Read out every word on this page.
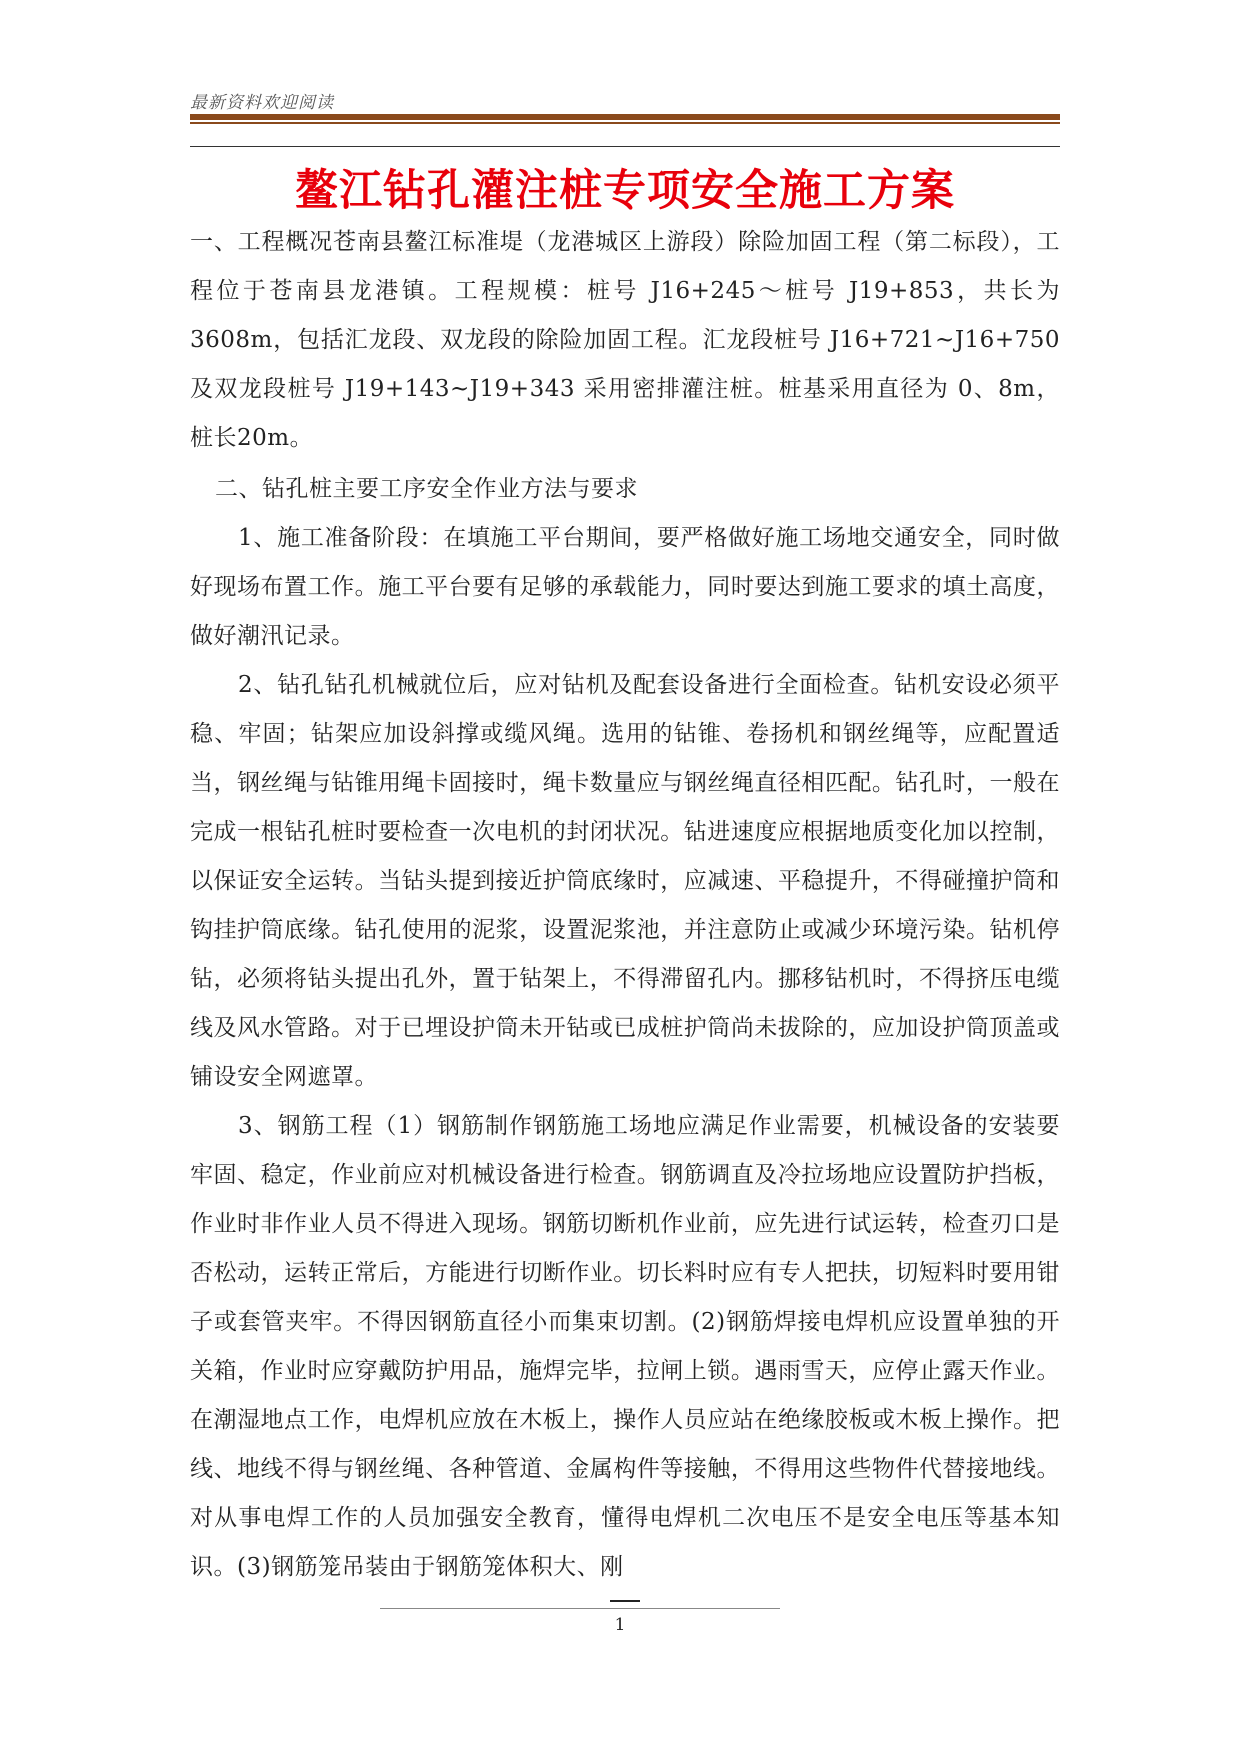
最新资料欢迎阅读
鳌江钻孔灌注桩专项安全施工方案

一、工程概况苍南县鳌江标准堤（龙港城区上游段）除险加固工程（第二标段），工程位于苍南县龙港镇。工程规模：桩号 J16+245～桩号 J19+853，共长为3608m，包括汇龙段、双龙段的除险加固工程。汇龙段桩号 J16+721~J16+750 及双龙段桩号 J19+143~J19+343 采用密排灌注桩。桩基采用直径为 0、8m，桩长20m。

二、钻孔桩主要工序安全作业方法与要求

1、施工准备阶段：在填施工平台期间，要严格做好施工场地交通安全，同时做好现场布置工作。施工平台要有足够的承载能力，同时要达到施工要求的填土高度，做好潮汛记录。

2、钻孔钻孔机械就位后，应对钻机及配套设备进行全面检查。钻机安设必须平稳、牢固；钻架应加设斜撑或缆风绳。选用的钻锥、卷扬机和钢丝绳等，应配置适当，钢丝绳与钻锥用绳卡固接时，绳卡数量应与钢丝绳直径相匹配。钻孔时，一般在完成一根钻孔桩时要检查一次电机的封闭状况。钻进速度应根据地质变化加以控制，以保证安全运转。当钻头提到接近护筒底缘时，应减速、平稳提升，不得碰撞护筒和钩挂护筒底缘。钻孔使用的泥浆，设置泥浆池，并注意防止或减少环境污染。钻机停钻，必须将钻头提出孔外，置于钻架上，不得滞留孔内。挪移钻机时，不得挤压电缆线及风水管路。对于已埋设护筒未开钻或已成桩护筒尚未拔除的，应加设护筒顶盖或铺设安全网遮罩。

3、钢筋工程（1）钢筋制作钢筋施工场地应满足作业需要，机械设备的安装要牢固、稳定，作业前应对机械设备进行检查。钢筋调直及冷拉场地应设置防护挡板，作业时非作业人员不得进入现场。钢筋切断机作业前，应先进行试运转，检查刃口是否松动，运转正常后，方能进行切断作业。切长料时应有专人把扶，切短料时要用钳子或套管夹牢。不得因钢筋直径小而集束切割。(2)钢筋焊接电焊机应设置单独的开关箱，作业时应穿戴防护用品，施焊完毕，拉闸上锁。遇雨雪天，应停止露天作业。在潮湿地点工作，电焊机应放在木板上，操作人员应站在绝缘胶板或木板上操作。把线、地线不得与钢丝绳、各种管道、金属构件等接触，不得用这些物件代替接地线。对从事电焊工作的人员加强安全教育，懂得电焊机二次电压不是安全电压等基本知识。(3)钢筋笼吊装由于钢筋笼体积大、刚

1
